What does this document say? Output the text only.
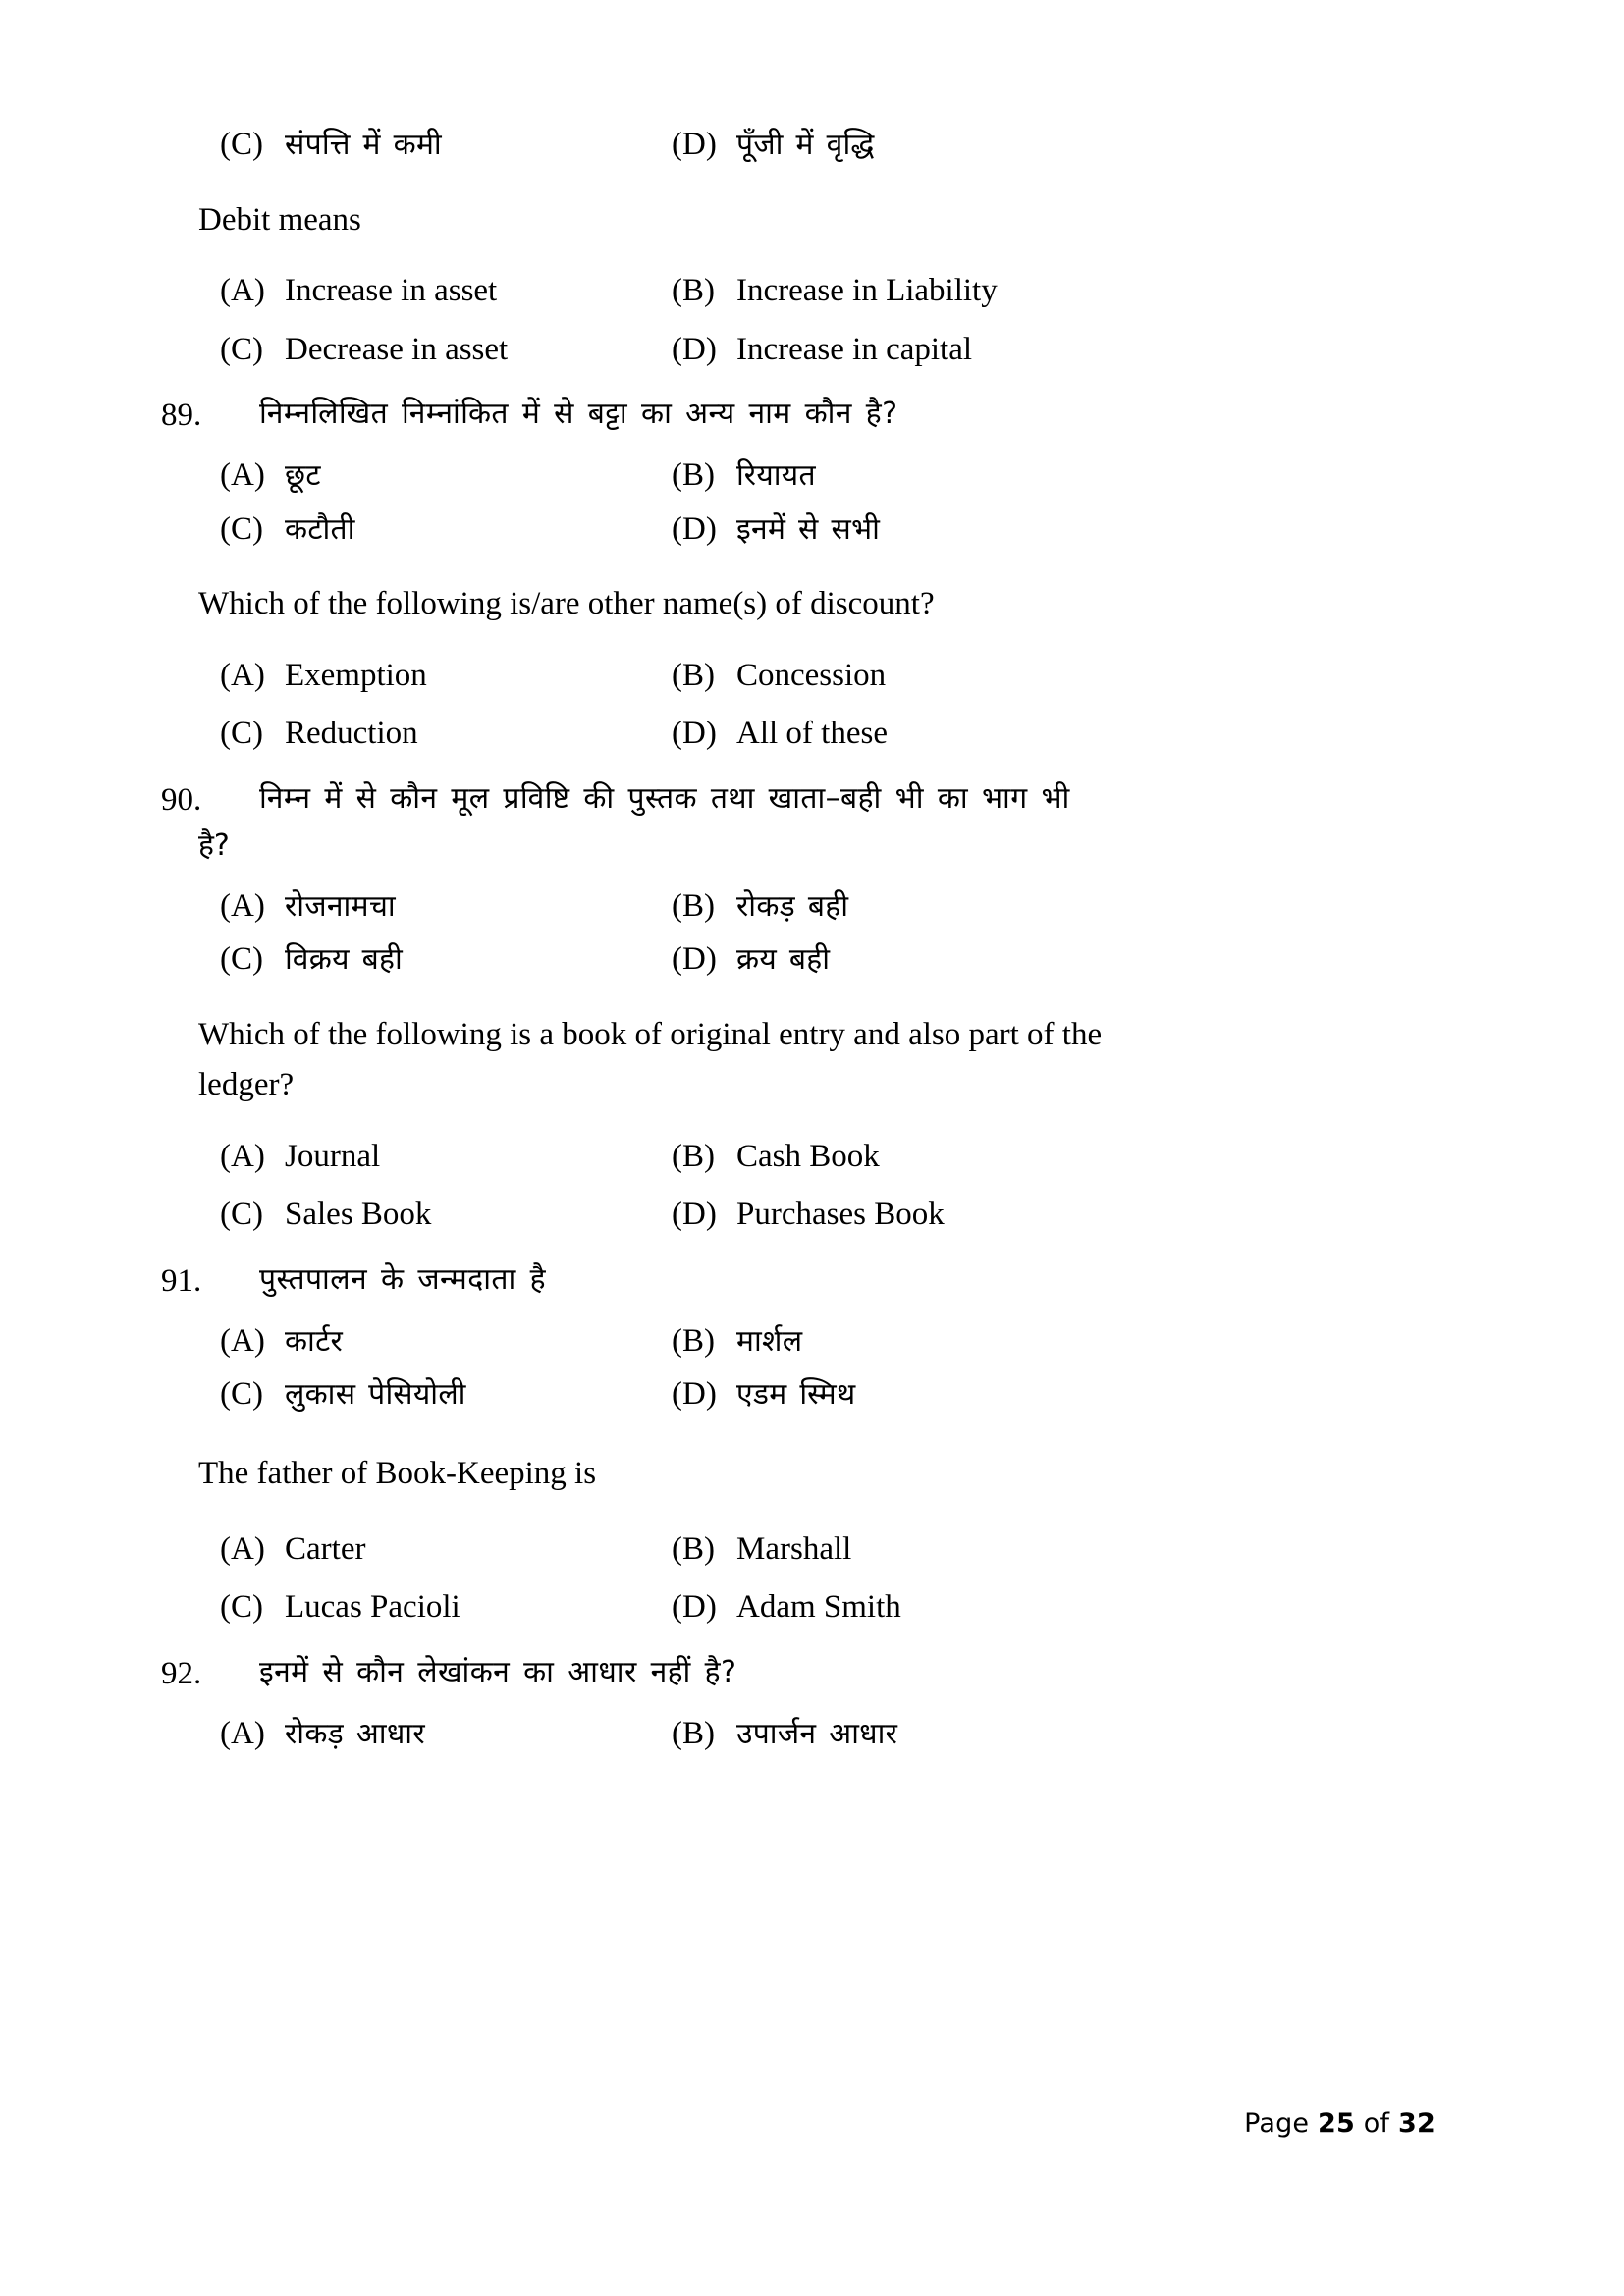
(C) संपत्ति में कमी	(D) पूँजी में वृद्धि
Debit means
(A) Increase in asset	(B) Increase in Liability
(C) Decrease in asset	(D) Increase in capital
89.	निम्नलिखित निम्नांकित में से बट्टा का अन्य नाम कौन है?
(A) छूट	(B) रियायत
(C) कटौती	(D) इनमें से सभी
Which of the following is/are other name(s) of discount?
(A) Exemption	(B) Concession
(C) Reduction	(D) All of these
90.	निम्न में से कौन मूल प्रविष्टि की पुस्तक तथा खाता–बही भी का भाग भी
है?
(A) रोजनामचा	(B) रोकड़ बही
(C) विक्रय बही	(D) क्रय बही
Which of the following is a book of original entry and also part of the
ledger?
(A) Journal	(B) Cash Book
(C) Sales Book	(D) Purchases Book
91.	पुस्तपालन के जन्मदाता है
(A) कार्टर	(B) मार्शल
(C) लुकास पेसियोली	(D) एडम स्मिथ
The father of Book-Keeping is
(A) Carter	(B) Marshall
(C) Lucas Pacioli	(D) Adam Smith
92.	इनमें से कौन लेखांकन का आधार नहीं है?
(A) रोकड़ आधार	(B) उपार्जन आधार
Page 25 of 32
